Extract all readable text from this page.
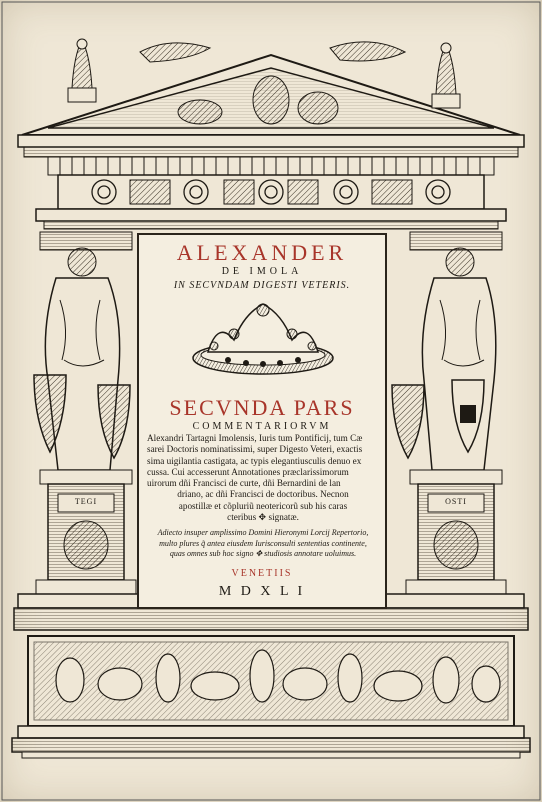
TEGI	OSTI
ALEXANDER
DE IMOLA
IN SECVNDAM DIGESTI VETERIS.
SECVNDA PARS
COMMENTARIORVM
Alexandri Tartagni Imolensis, Iuris tum Pontificij, tum Cæ
sarei Doctoris nominatissimi, super Digesto Veteri, exactis
sima uigilantia castigata, ac typis elegantiusculis denuo ex
cussa. Cui accesserunt Annotationes præclarissimorum
uirorum dñi Francisci de curte, dñi Bernardini de lan
driano, ac dñi Francisci de doctoribus. Necnon
apostillæ et cõpluriũ neotericorũ sub his caras
cteribus ✥ signatæ.
Adiecto insuper amplissimo Domini Hieronymi Lorcij Repertorio,
multo plures q̃ antea eiusdem Iurisconsulti sententias continente,
quas omnes sub hoc signo ✥ studiosis annotare uoluimus.
VENETIIS
M D X L I
